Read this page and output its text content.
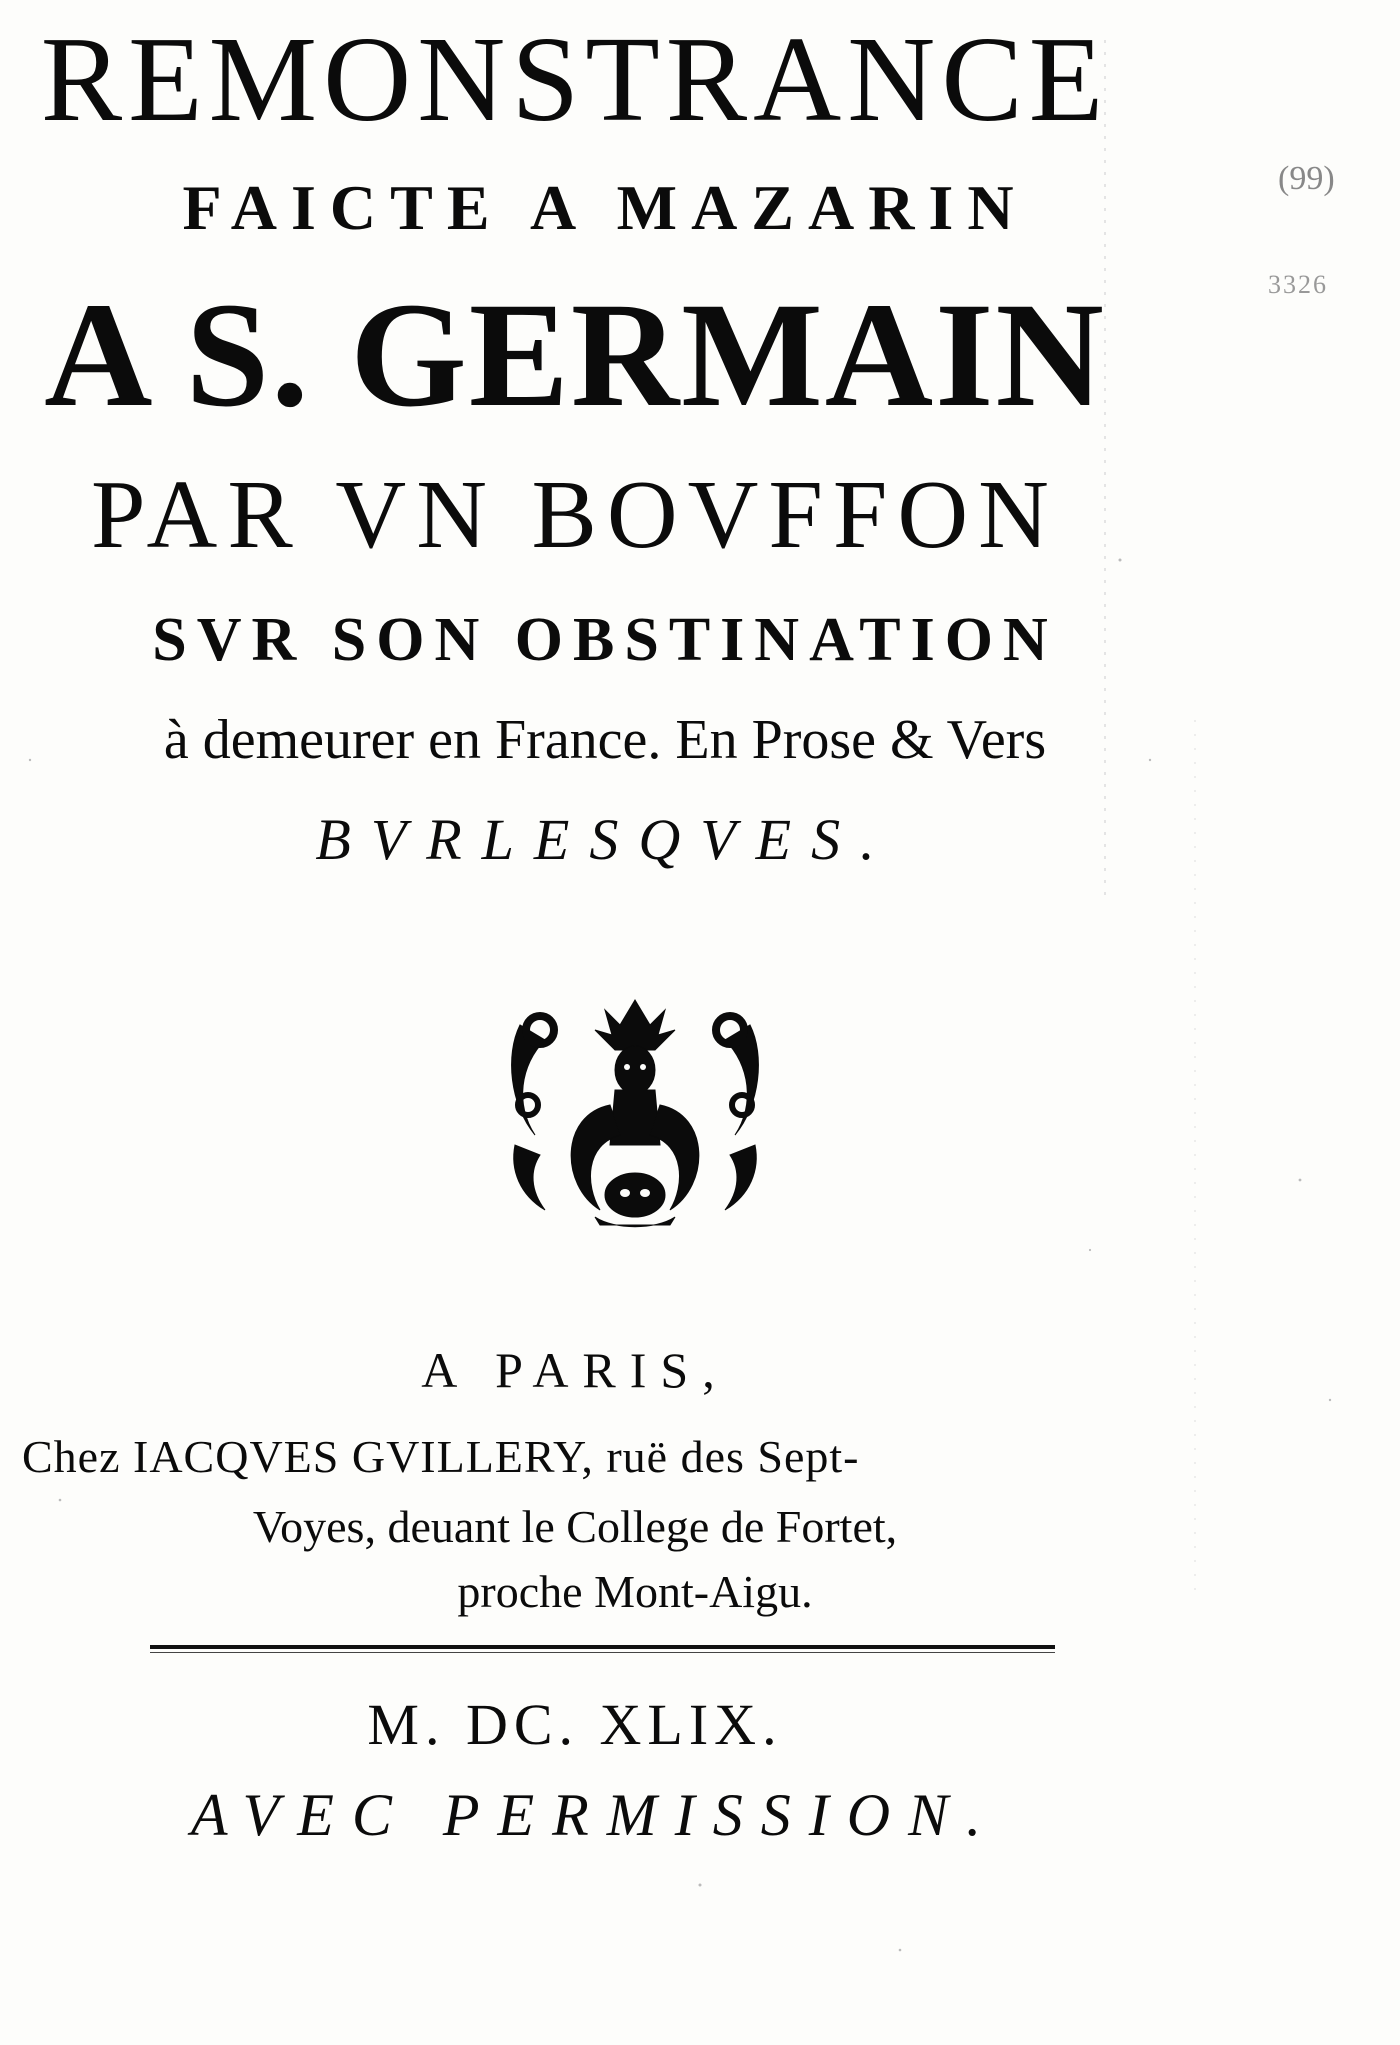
REMONSTRANCE
FAICTE A MAZARIN
A S. GERMAIN
PAR VN BOVFFON
SVR SON OBSTINATION
à demeurer en France. En Prose & Vers
BVRLESQVES.
A PARIS,
Chez IACQVES GVILLERY, ruë des Sept-
Voyes, deuant le College de Fortet,
proche Mont-Aigu.
M. DC. XLIX.
AVEC PERMISSION.
(99)
3326
